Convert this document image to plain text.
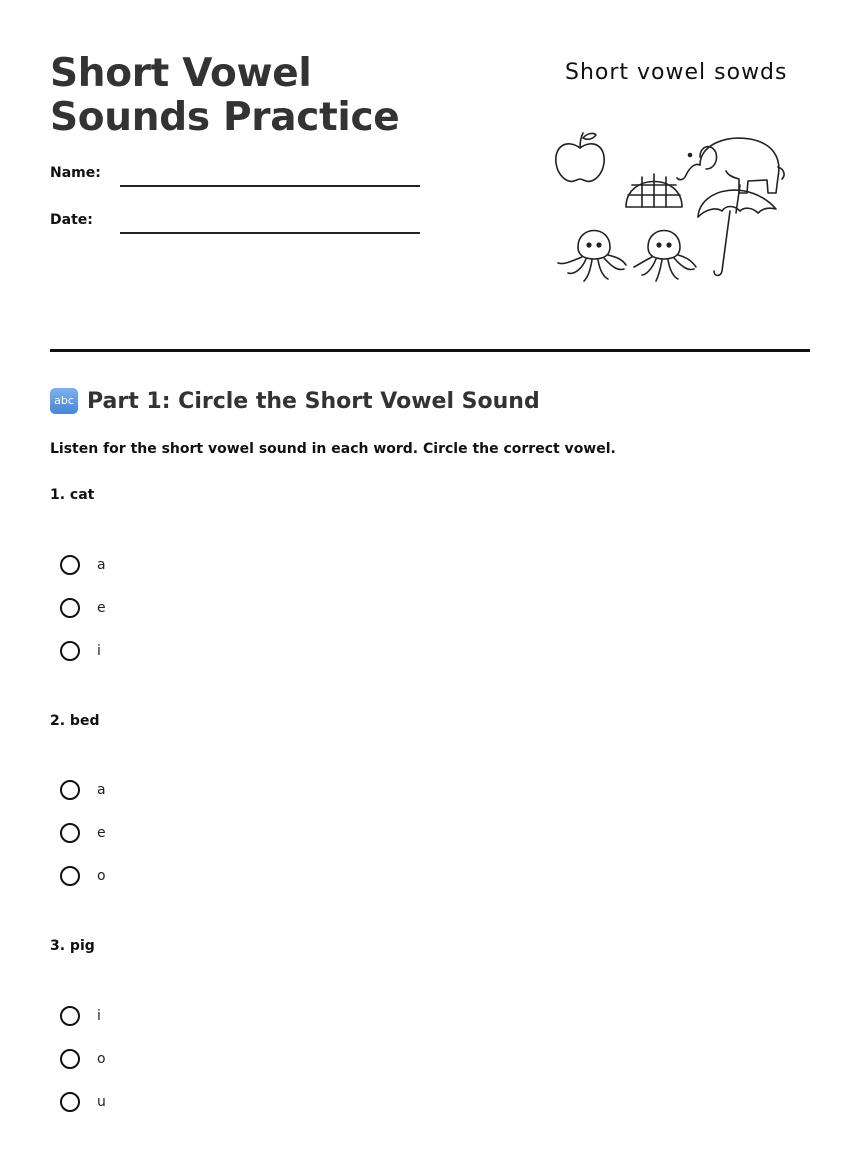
Short Vowel Sounds Practice
Name:
Date:
Short vowel sowds
abc Part 1: Circle the Short Vowel Sound

Listen for the short vowel sound in each word. Circle the correct vowel.

1. cat
a
e
i
2. bed
a
e
o
3. pig
i
o
u
